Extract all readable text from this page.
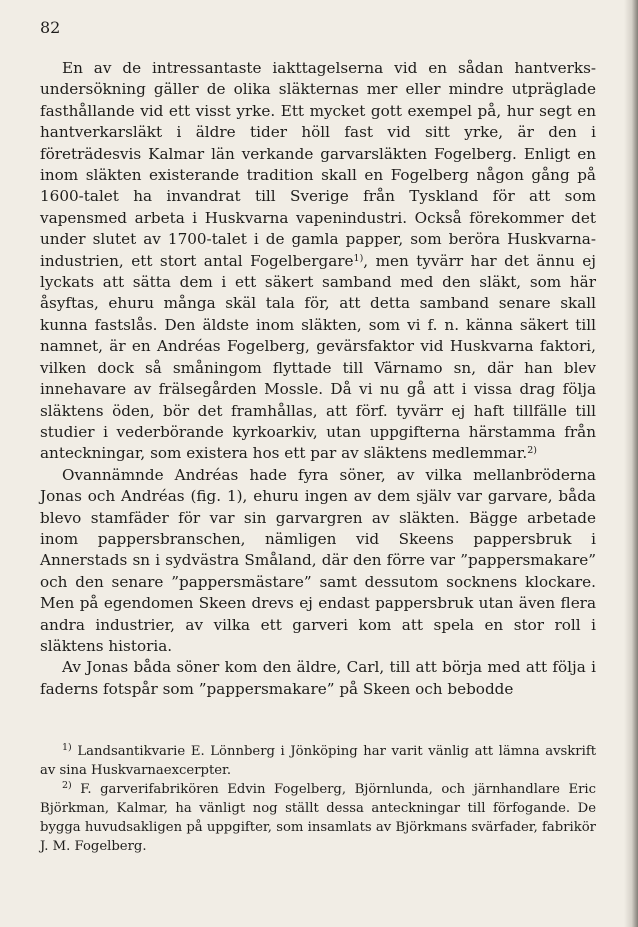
82

En av de intressantaste iakttagelserna vid en sådan hantverks-undersökning gäller de olika släkternas mer eller mindre utpräglade fasthållande vid ett visst yrke. Ett mycket gott exempel på, hur segt en hantverkarsläkt i äldre tider höll fast vid sitt yrke, är den i företrädesvis Kalmar län verkande garvarsläkten Fogelberg. Enligt en inom släkten existerande tradition skall en Fogelberg någon gång på 1600-talet ha invandrat till Sverige från Tyskland för att som vapensmed arbeta i Huskvarna vapenindustri. Också förekommer det under slutet av 1700-talet i de gamla papper, som beröra Huskvarna-industrien, ett stort antal Fogelbergare$^{1)}$, men tyvärr har det ännu ej lyckats att sätta dem i ett säkert samband med den släkt, som här åsyftas, ehuru många skäl tala för, att detta samband senare skall kunna fastslås. Den äldste inom släkten, som vi f. n. känna säkert till namnet, är en Andréas Fogelberg, gevärsfaktor vid Huskvarna faktori, vilken dock så småningom flyttade till Värnamo sn, där han blev innehavare av frälsegården Mossle. Då vi nu gå att i vissa drag följa släktens öden, bör det framhållas, att förf. tyvärr ej haft tillfälle till studier i vederbörande kyrkoarkiv, utan uppgifterna härstamma från anteckningar, som existera hos ett par av släktens medlemmar.$^{2)}$

Ovannämnde Andréas hade fyra söner, av vilka mellanbröderna Jonas och Andréas (fig. 1), ehuru ingen av dem själv var garvare, båda blevo stamfäder för var sin garvargren av släkten. Bägge arbetade inom pappersbranschen, nämligen vid Skeens pappersbruk i Annerstads sn i sydvästra Småland, där den förre var ”pappersmakare” och den senare ”pappersmästare” samt dessutom socknens klockare. Men på egendomen Skeen drevs ej endast pappersbruk utan även flera andra industrier, av vilka ett garveri kom att spela en stor roll i släktens historia.

Av Jonas båda söner kom den äldre, Carl, till att börja med att följa i faderns fotspår som ”pappersmakare” på Skeen och bebodde

$^{1)}$ Landsantikvarie E. Lönnberg i Jönköping har varit vänlig att lämna avskrift av sina Huskvarnaexcerpter.

$^{2)}$ F. garverifabrikören Edvin Fogelberg, Björnlunda, och järnhandlare Eric Björkman, Kalmar, ha vänligt nog ställt dessa anteckningar till förfogande. De bygga huvudsakligen på uppgifter, som insamlats av Björkmans svärfader, fabrikör J. M. Fogelberg.
